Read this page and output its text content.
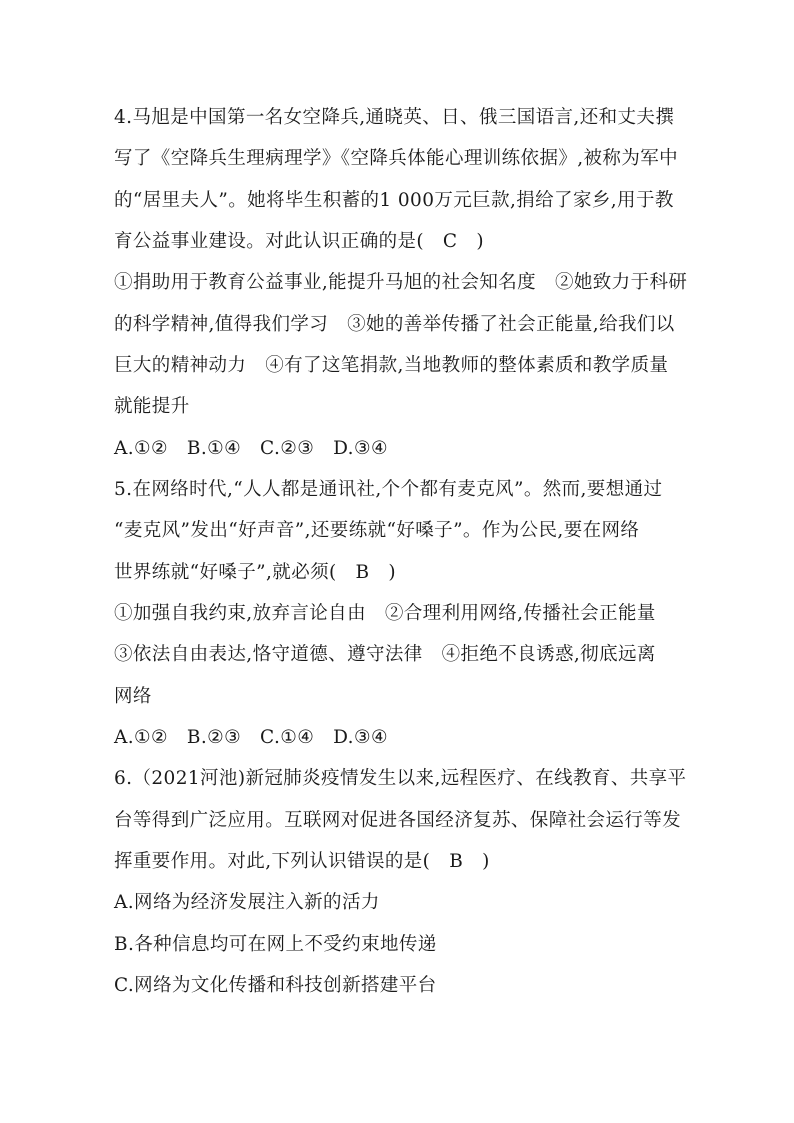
4.马旭是中国第一名女空降兵,通晓英、日、俄三国语言,还和丈夫撰
写了《空降兵生理病理学》《空降兵体能心理训练依据》,被称为军中
的“居里夫人”。她将毕生积蓄的1 000万元巨款,捐给了家乡,用于教
育公益事业建设。对此认识正确的是(　C　)
①捐助用于教育公益事业,能提升马旭的社会知名度　②她致力于科研
的科学精神,值得我们学习　③她的善举传播了社会正能量,给我们以
巨大的精神动力　④有了这笔捐款,当地教师的整体素质和教学质量
就能提升
A.①②　B.①④　C.②③　D.③④
5.在网络时代,“人人都是通讯社,个个都有麦克风”。然而,要想通过
“麦克风”发出“好声音”,还要练就“好嗓子”。作为公民,要在网络
世界练就“好嗓子”,就必须(　B　)
①加强自我约束,放弃言论自由　②合理利用网络,传播社会正能量
③依法自由表达,恪守道德、遵守法律　④拒绝不良诱惑,彻底远离
网络
A.①②　B.②③　C.①④　D.③④
6.（2021河池)新冠肺炎疫情发生以来,远程医疗、在线教育、共享平
台等得到广泛应用。互联网对促进各国经济复苏、保障社会运行等发
挥重要作用。对此,下列认识错误的是(　B　)
A.网络为经济发展注入新的活力
B.各种信息均可在网上不受约束地传递
C.网络为文化传播和科技创新搭建平台
